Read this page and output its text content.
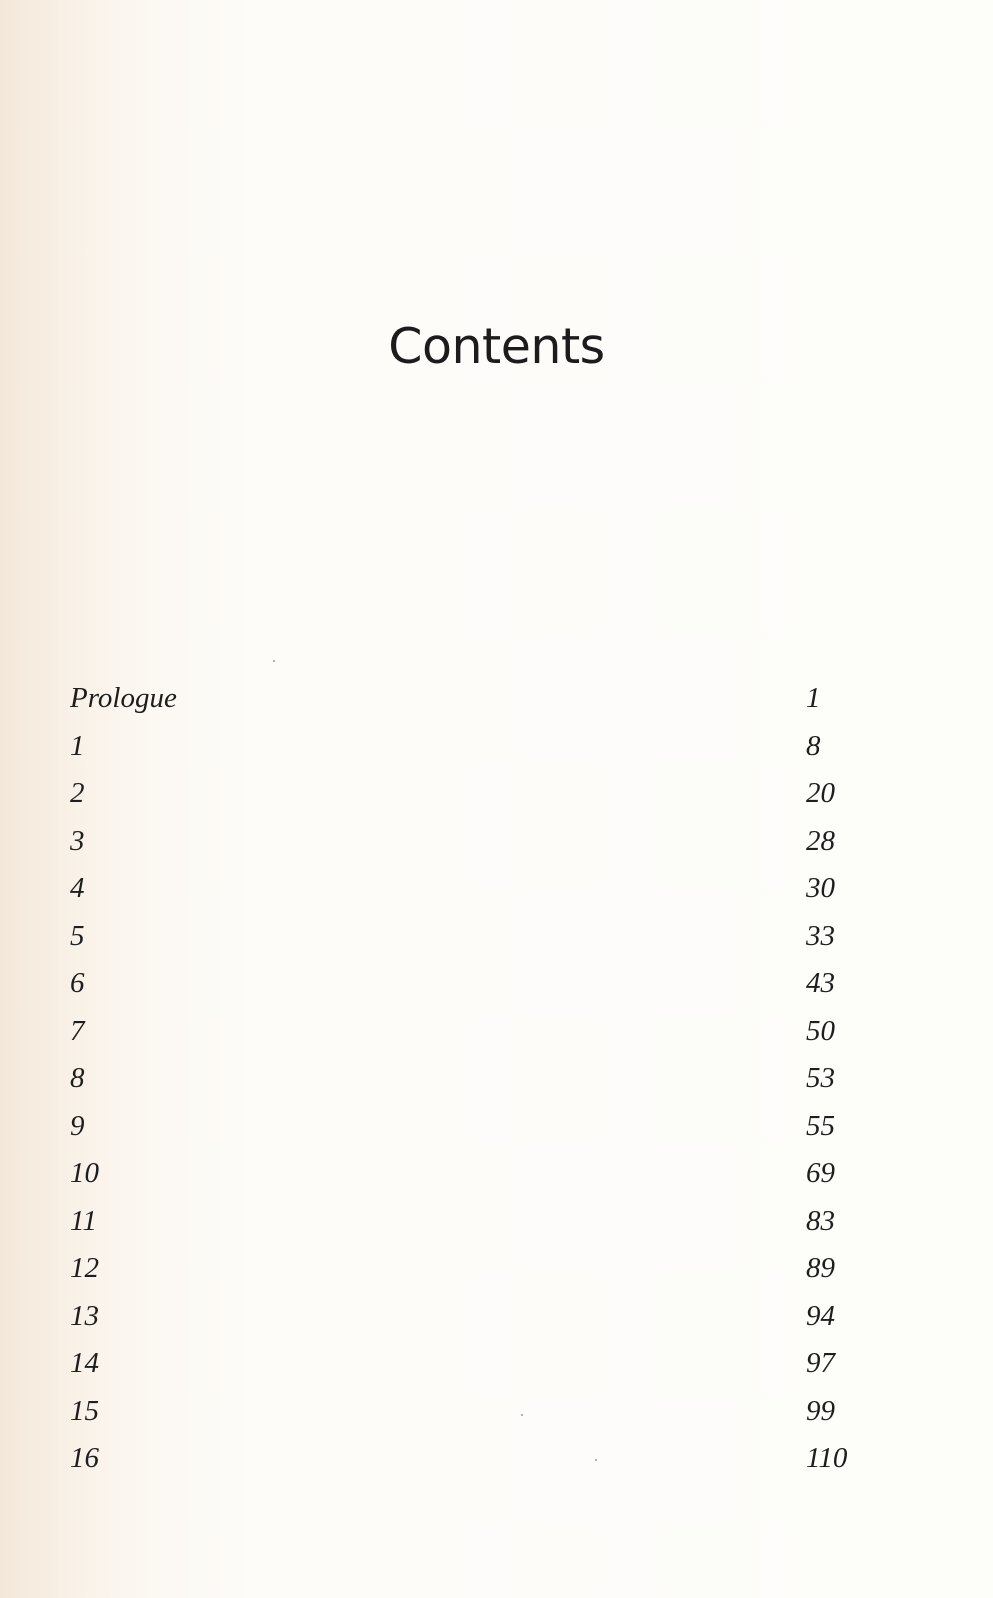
Contents
Prologue	1
1	8
2	20
3	28
4	30
5	33
6	43
7	50
8	53
9	55
10	69
11	83
12	89
13	94
14	97
15	99
16	110
